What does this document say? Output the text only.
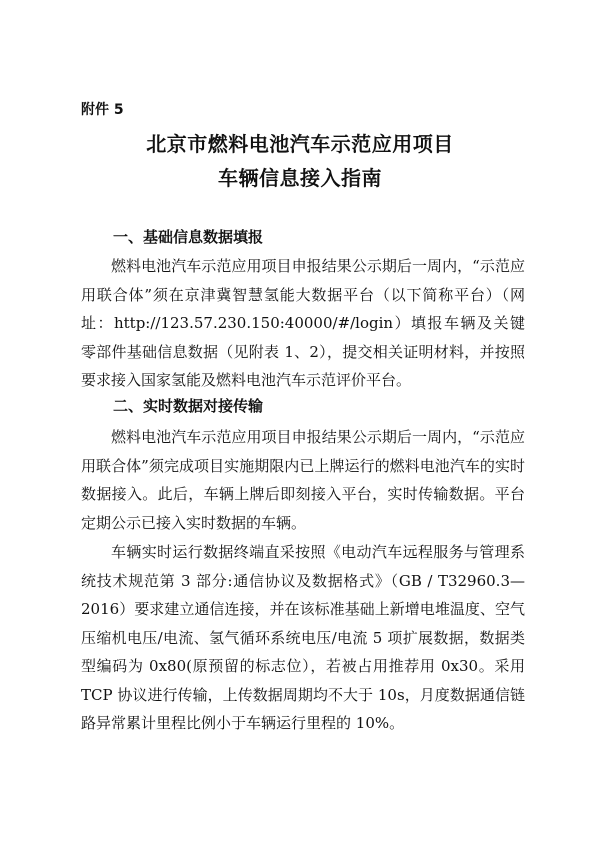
附件 5
北京市燃料电池汽车示范应用项目
车辆信息接入指南
一、基础信息数据填报

燃料电池汽车示范应用项目申报结果公示期后一周内，“示范应用联合体”须在京津冀智慧氢能大数据平台（以下简称平台）（网址：http://123.57.230.150:40000/#/login）填报车辆及关键零部件基础信息数据（见附表 1、2），提交相关证明材料，并按照要求接入国家氢能及燃料电池汽车示范评价平台。

二、实时数据对接传输

燃料电池汽车示范应用项目申报结果公示期后一周内，“示范应用联合体”须完成项目实施期限内已上牌运行的燃料电池汽车的实时数据接入。此后，车辆上牌后即刻接入平台，实时传输数据。平台定期公示已接入实时数据的车辆。

车辆实时运行数据终端直采按照《电动汽车远程服务与管理系统技术规范第 3 部分:通信协议及数据格式》（GB / T32960.3—2016）要求建立通信连接，并在该标准基础上新增电堆温度、空气压缩机电压/电流、氢气循环系统电压/电流 5 项扩展数据，数据类型编码为 0x80(原预留的标志位），若被占用推荐用 0x30。采用 TCP 协议进行传输，上传数据周期均不大于 10s，月度数据通信链路异常累计里程比例小于车辆运行里程的 10%。
